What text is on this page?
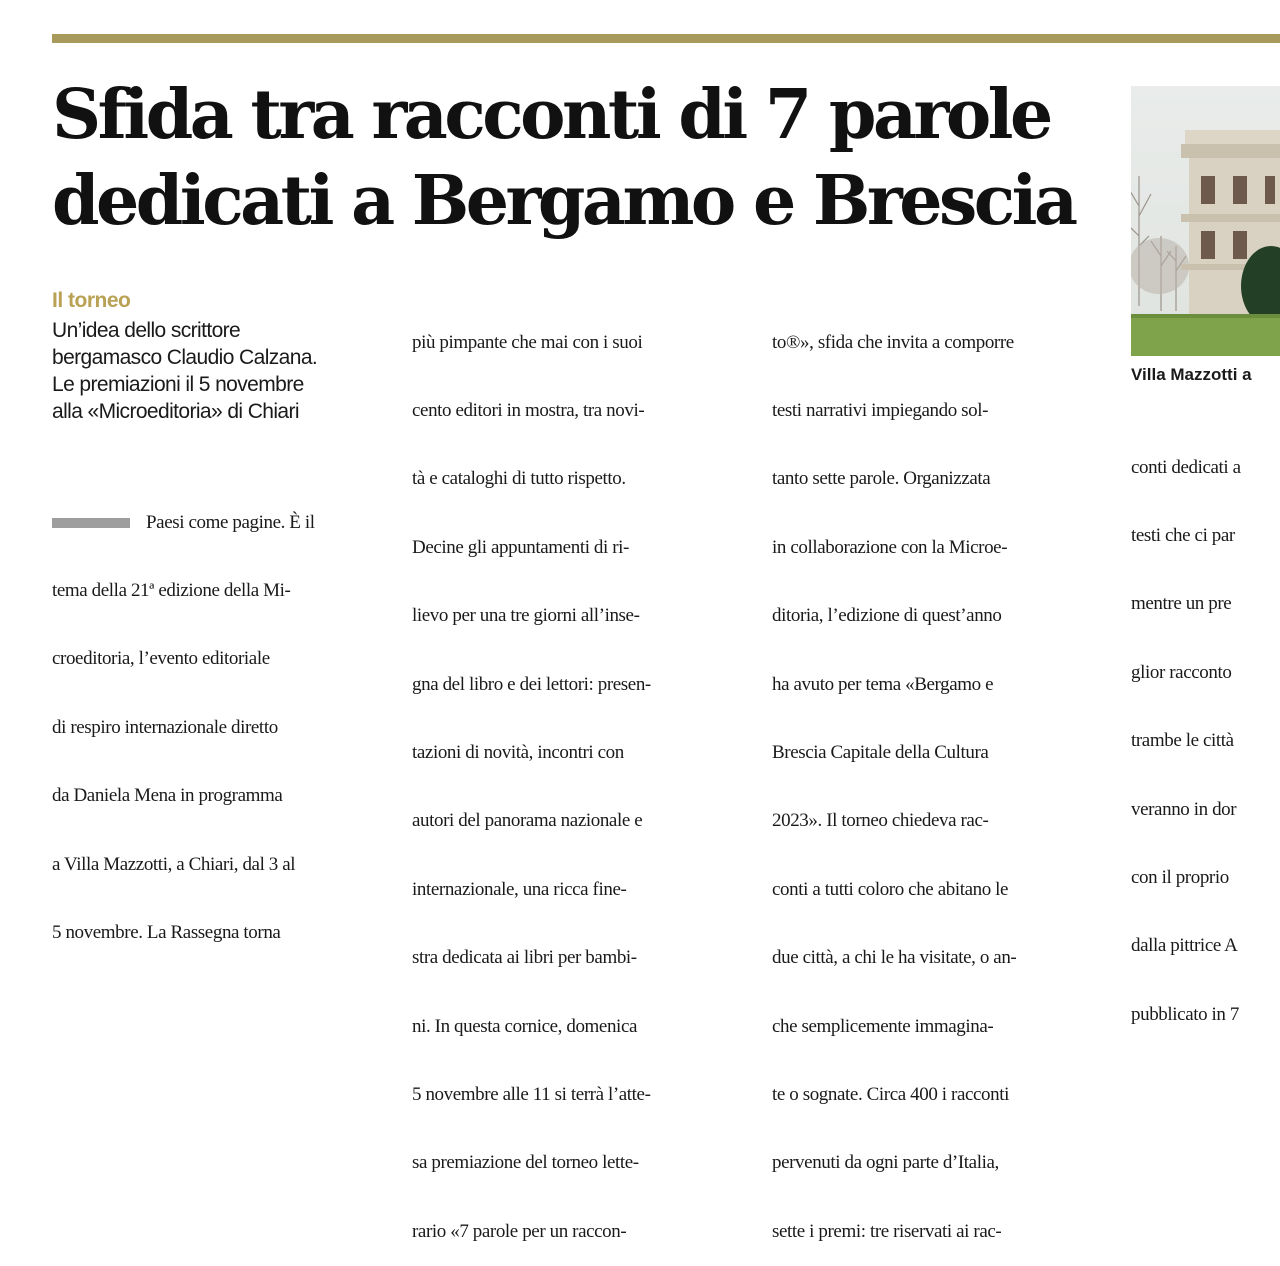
Sfida tra racconti di 7 parole
dedicati a Bergamo e Brescia
Il torneo
Un’idea dello scrittore
bergamasco Claudio Calzana.
Le premiazioni il 5 novembre
alla «Microeditoria» di Chiari

Paesi come pagine. È il

tema della 21ª edizione della Mi-

croeditoria, l’evento editoriale

di respiro internazionale diretto

da Daniela Mena in programma

a Villa Mazzotti, a Chiari, dal 3 al

5 novembre. La Rassegna torna

più pimpante che mai con i suoi

cento editori in mostra, tra novi-

tà e cataloghi di tutto rispetto.

Decine gli appuntamenti di ri-

lievo per una tre giorni all’inse-

gna del libro e dei lettori: presen-

tazioni di novità, incontri con

autori del panorama nazionale e

internazionale, una ricca fine-

stra dedicata ai libri per bambi-

ni. In questa cornice, domenica

5 novembre alle 11 si terrà l’atte-

sa premiazione del torneo lette-

rario «7 parole per un raccon-

to®», sfida che invita a comporre

testi narrativi impiegando sol-

tanto sette parole. Organizzata

in collaborazione con la Microe-

ditoria, l’edizione di quest’anno

ha avuto per tema «Bergamo e

Brescia Capitale della Cultura

2023». Il torneo chiedeva rac-

conti a tutti coloro che abitano le

due città, a chi le ha visitate, o an-

che semplicemente immagina-

te o sognate. Circa 400 i racconti

pervenuti da ogni parte d’Italia,

sette i premi: tre riservati ai rac-

Villa Mazzotti a

conti dedicati a

testi che ci par

mentre un pre

glior racconto

trambe le città

veranno in dor

con il proprio

dalla pittrice A

pubblicato in 7
